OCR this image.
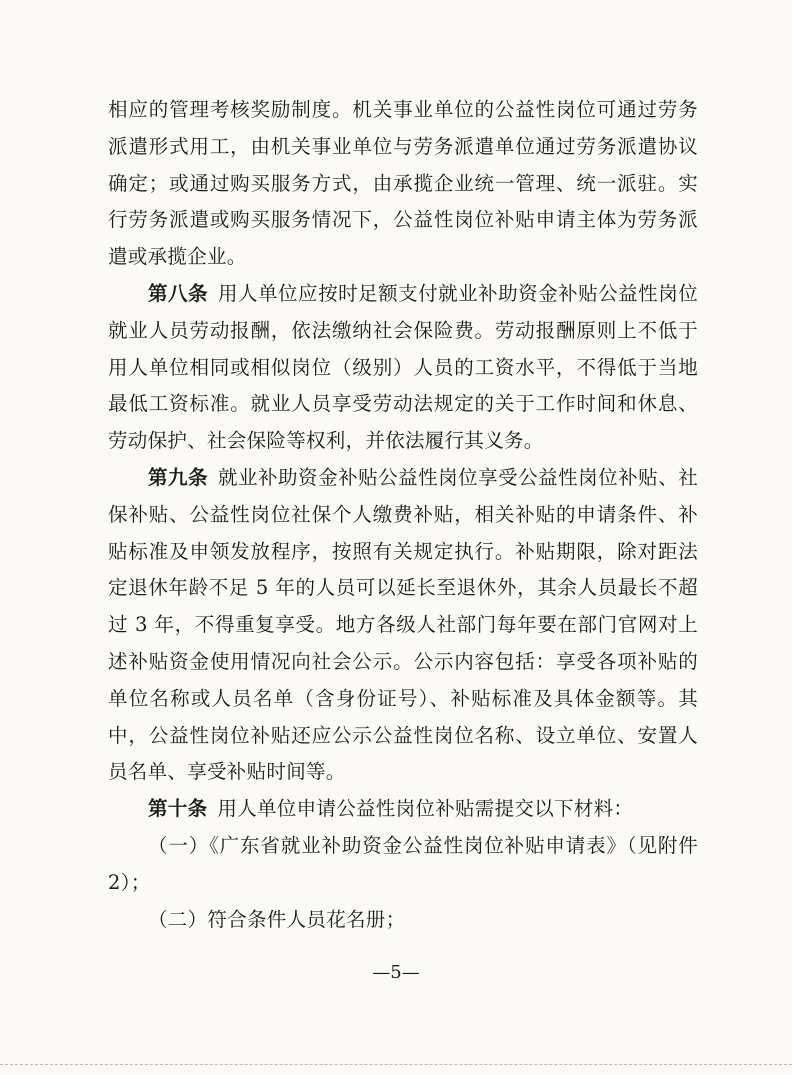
相应的管理考核奖励制度。机关事业单位的公益性岗位可通过劳务派遣形式用工，由机关事业单位与劳务派遣单位通过劳务派遣协议确定；或通过购买服务方式，由承揽企业统一管理、统一派驻。实行劳务派遣或购买服务情况下，公益性岗位补贴申请主体为劳务派遣或承揽企业。

第八条 用人单位应按时足额支付就业补助资金补贴公益性岗位就业人员劳动报酬，依法缴纳社会保险费。劳动报酬原则上不低于用人单位相同或相似岗位（级别）人员的工资水平，不得低于当地最低工资标准。就业人员享受劳动法规定的关于工作时间和休息、劳动保护、社会保险等权利，并依法履行其义务。

第九条 就业补助资金补贴公益性岗位享受公益性岗位补贴、社保补贴、公益性岗位社保个人缴费补贴，相关补贴的申请条件、补贴标准及申领发放程序，按照有关规定执行。补贴期限，除对距法定退休年龄不足 5 年的人员可以延长至退休外，其余人员最长不超过 3 年，不得重复享受。地方各级人社部门每年要在部门官网对上述补贴资金使用情况向社会公示。公示内容包括：享受各项补贴的单位名称或人员名单（含身份证号）、补贴标准及具体金额等。其中，公益性岗位补贴还应公示公益性岗位名称、设立单位、安置人员名单、享受补贴时间等。

第十条 用人单位申请公益性岗位补贴需提交以下材料：

（一）《广东省就业补助资金公益性岗位补贴申请表》（见附件 2）；

（二）符合条件人员花名册；

—5—
